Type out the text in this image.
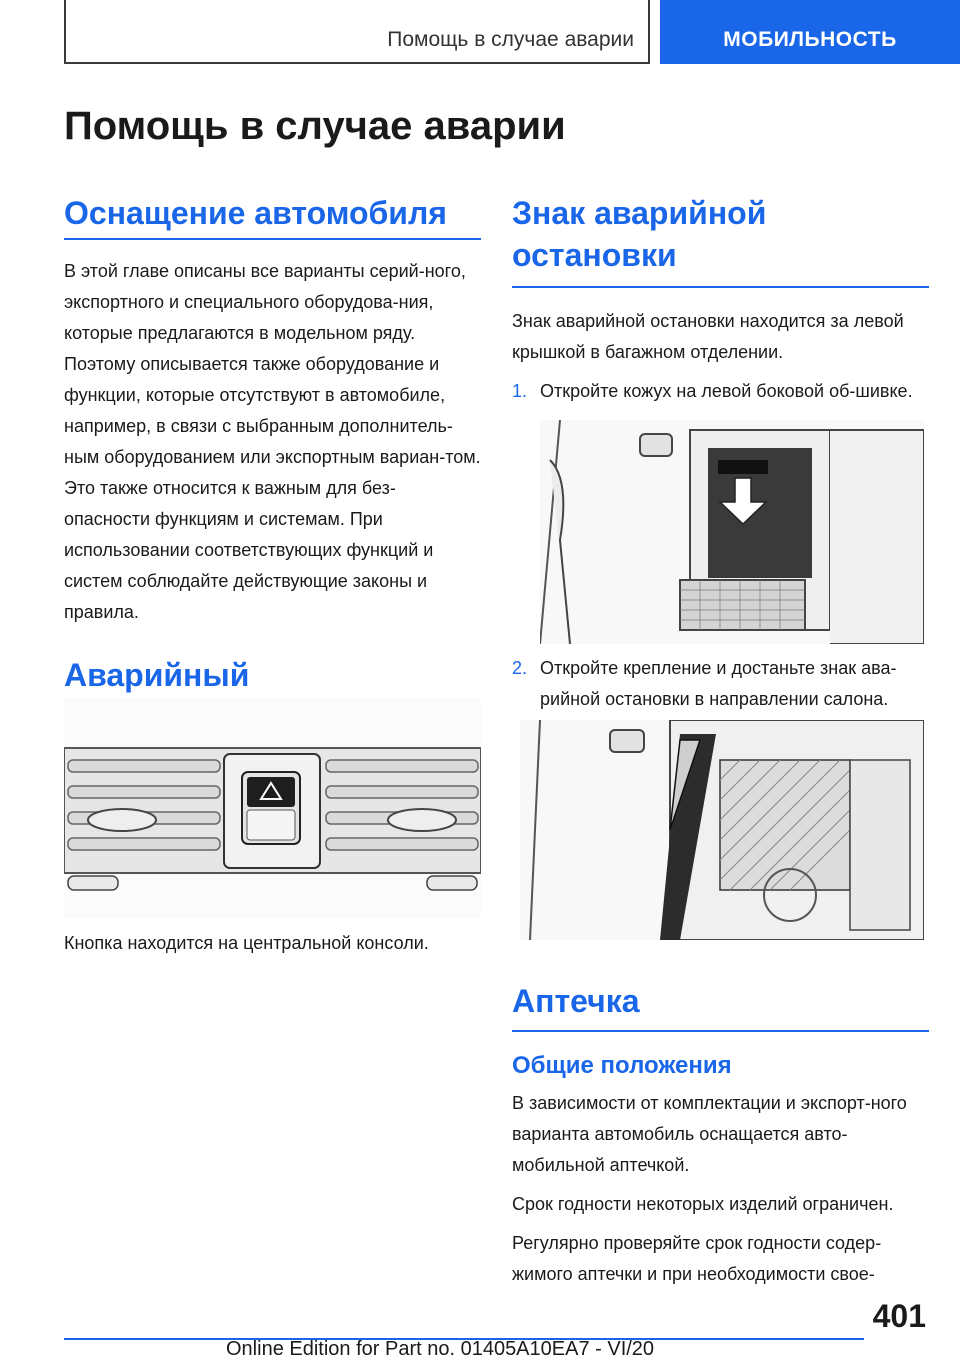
Помощь в случае аварии	МОБИЛЬНОСТЬ
Помощь в случае аварии
Оснащение автомобиля

В этой главе описаны все варианты серий-ного, экспортного и специального оборудова-ния, которые предлагаются в модельном ряду. Поэтому описывается также оборудование и функции, которые отсутствуют в автомобиле, например, в связи с выбранным дополнитель-ным оборудованием или экспортным вариан-том. Это также относится к важным для без-опасности функциям и системам. При использовании соответствующих функций и систем соблюдайте действующие законы и правила.

Аварийный

Кнопка находится на центральной консоли.

Знак аварийной остановки

Знак аварийной остановки находится за левой крышкой в багажном отделении.

1. Откройте кожух на левой боковой об-шивке.
2. Откройте крепление и достаньте знак ава-рийной остановки в направлении салона.
Аптечка
Общие положения

В зависимости от комплектации и экспорт-ного варианта автомобиль оснащается авто-мобильной аптечкой.

Срок годности некоторых изделий ограничен.

Регулярно проверяйте срок годности содер-жимого аптечки и при необходимости свое-

401
Online Edition for Part no. 01405A10EA7 - VI/20
